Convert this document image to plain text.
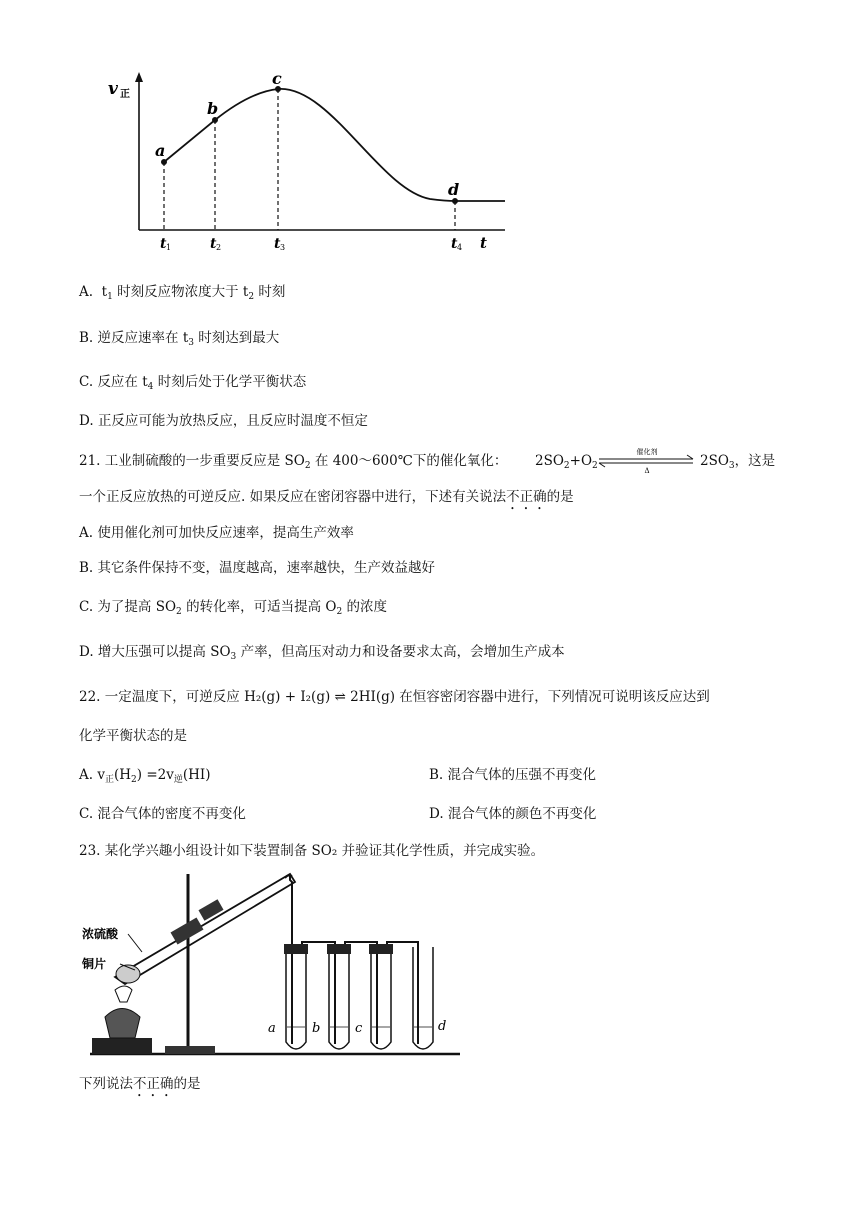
v 正
a
b
c
d
t 1	t 2	t 3	t 4 t
A. $t_1$ 时刻反应物浓度大于 $t_2$ 时刻
B. 逆反应速率在 $t_3$ 时刻达到最大
C. 反应在 $t_4$ 时刻后处于化学平衡状态
D. 正反应可能为放热反应，且反应时温度不恒定
21. 工业制硫酸的一步重要反应是 $SO_2$ 在 400～600℃下的催化氧化： $2SO_2+O_2$
催化剂
Δ
$2SO_3$，这是
一个正反应放热的可逆反应. 如果反应在密闭容器中进行，下述有关说法不正确的是
A. 使用催化剂可加快反应速率，提高生产效率
B. 其它条件保持不变，温度越高，速率越快，生产效益越好
C. 为了提高 $SO_2$ 的转化率，可适当提高 $O_2$ 的浓度
D. 增大压强可以提高 $SO_3$ 产率，但高压对动力和设备要求太高，会增加生产成本
22. 一定温度下，可逆反应 H₂(g) + I₂(g) ⇌ 2HI(g) 在恒容密闭容器中进行，下列情况可说明该反应达到
化学平衡状态的是
A. $v_正(H_2) =2v_逆(HI)$	B. 混合气体的压强不再变化
C. 混合气体的密度不再变化	D. 混合气体的颜色不再变化
23. 某化学兴趣小组设计如下装置制备 SO₂ 并验证其化学性质，并完成实验。
浓硫酸
铜片
a	b	c	d
下列说法不正确的是
